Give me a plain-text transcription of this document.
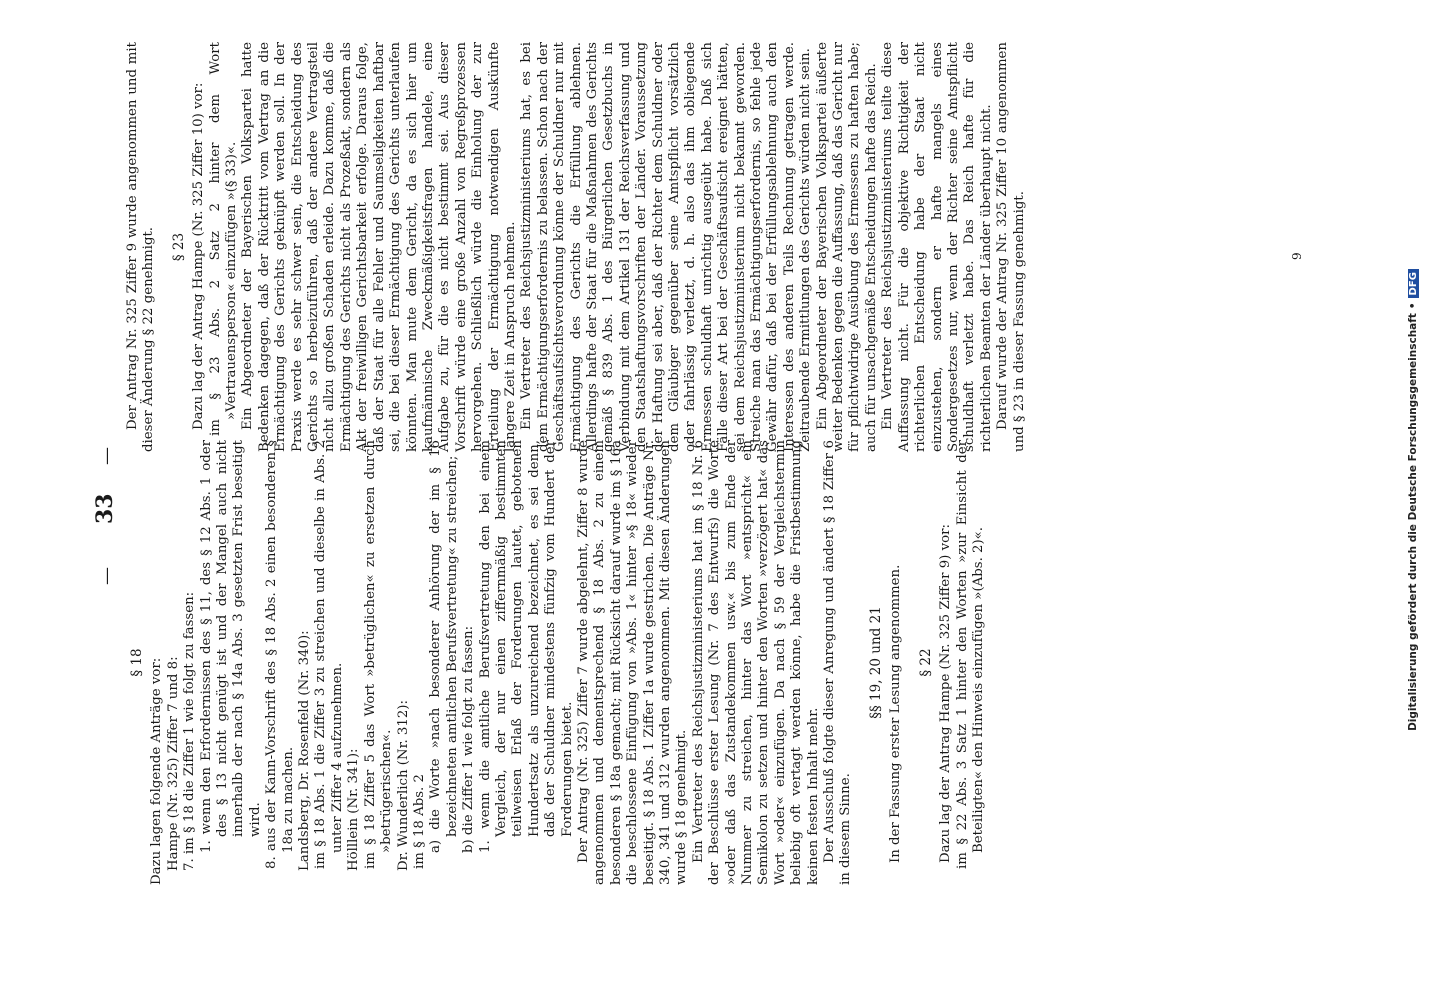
—
33
—

§ 18 Dazu lagen folgende Anträge vor: Hampe (Nr. 325) Ziffer 7 und 8: 7. im § 18 die Ziffer 1 wie folgt zu fassen: 1. wenn den Erfordernissen des § 11, des § 12 Abs. 1 oder des § 13 nicht genügt ist und der Mangel auch nicht innerhalb der nach § 14a Abs. 3 gesetzten Frist beseitigt wird. 8. aus der Kann-Vorschrift des § 18 Abs. 2 einen besonderen § 18a zu machen. Landsberg, Dr. Rosenfeld (Nr. 340): im § 18 Abs. 1 die Ziffer 3 zu streichen und dieselbe in Abs. 2 unter Ziffer 4 aufzunehmen. Hölllein (Nr. 341): im § 18 Ziffer 5 das Wort »betrüglichen« zu ersetzen durch »betrügerischen«. Dr. Wunderlich (Nr. 312): im § 18 Abs. 2 a) die Worte »nach besonderer Anhörung der im § 16 bezeichneten amtlichen Berufsvertretung« zu streichen; b) die Ziffer 1 wie folgt zu fassen: 1. wenn die amtliche Berufsvertretung den bei einem Vergleich, der nur einen ziffernmäßig bestimmten teilweisen Erlaß der Forderungen lautet, gebotenen Hundertsatz als unzureichend bezeichnet, es sei denn, daß der Schuldner mindestens fünfzig vom Hundert der Forderungen bietet. Der Antrag (Nr. 325) Ziffer 7 wurde abgelehnt, Ziffer 8 wurde angenommen und dementsprechend § 18 Abs. 2 zu einem besonderen § 18a gemacht; mit Rücksicht darauf wurde im § 16a die beschlossene Einfügung von »Abs. 1« hinter »§ 18« wieder beseitigt. § 18 Abs. 1 Ziffer 1a wurde gestrichen. Die Anträge Nr. 340, 341 und 312 wurden angenommen. Mit diesen Änderungen wurde § 18 genehmigt. Ein Vertreter des Reichsjustizministeriums hat im § 18 Nr. 6 der Beschlüsse erster Lesung (Nr. 7 des Entwurfs) die Worte »oder daß das Zustandekommen usw.« bis zum Ende der Nummer zu streichen, hinter das Wort »entspricht« ein Semikolon zu setzen und hinter den Worten »verzögert hat« das Wort »oder« einzufügen. Da nach § 59 der Vergleichstermin beliebig oft vertagt werden könne, habe die Fristbestimmung keinen festen Inhalt mehr. Der Ausschuß folgte dieser Anregung und ändert § 18 Ziffer 6 in diesem Sinne.

§§ 19, 20 und 21 In der Fassung erster Lesung angenommen. § 22 Dazu lag der Antrag Hampe (Nr. 325 Ziffer 9) vor: im § 22 Abs. 3 Satz 1 hinter den Worten »zur Einsicht der Beteiligten« den Hinweis einzufügen »(Abs. 2)«.

Der Antrag Nr. 325 Ziffer 9 wurde angenommen und mit dieser Änderung § 22 genehmigt. § 23 Dazu lag der Antrag Hampe (Nr. 325 Ziffer 10) vor: im § 23 Abs. 2 Satz 2 hinter dem Wort »Vertrauensperson« einzufügen »(§ 33)«. Ein Abgeordneter der Bayerischen Volkspartei hatte Bedenken dagegen, daß der Rücktritt vom Vertrag an die Ermächtigung des Gerichts geknüpft werden soll. In der Praxis werde es sehr schwer sein, die Entscheidung des Gerichts so herbeizuführen, daß der andere Vertragsteil nicht allzu großen Schaden erleide. Dazu komme, daß die Ermächtigung des Gerichts nicht als Prozeßakt, sondern als Akt der freiwilligen Gerichtsbarkeit erfolge. Daraus folge, daß der Staat für alle Fehler und Saumseligkeiten haftbar sei, die bei dieser Ermächtigung des Gerichts unterlaufen könnten. Man mute dem Gericht, da es sich hier um kaufmännische Zweckmäßigkeitsfragen handele, eine Aufgabe zu, für die es nicht bestimmt sei. Aus dieser Vorschrift würde eine große Anzahl von Regreßprozessen hervorgehen. Schließlich würde die Einholung der zur Erteilung der Ermächtigung notwendigen Auskünfte längere Zeit in Anspruch nehmen. Ein Vertreter des Reichsjustizministeriums hat, es bei dem Ermächtigungserfordernis zu belassen. Schon nach der Geschäftsaufsichtsverordnung könne der Schuldner nur mit Ermächtigung des Gerichts die Erfüllung ablehnen. Allerdings hafte der Staat für die Maßnahmen des Gerichts gemäß § 839 Abs. 1 des Bürgerlichen Gesetzbuchs in Verbindung mit dem Artikel 131 der Reichsverfassung und den Staatshaftungsvorschriften der Länder. Voraussetzung der Haftung sei aber, daß der Richter dem Schuldner oder dem Gläubiger gegenüber seine Amtspflicht vorsätzlich oder fahrlässig verletzt, d. h. also das ihm obliegende Ermessen schuldhaft unrichtig ausgeübt habe. Daß sich Fälle dieser Art bei der Geschäftsaufsicht ereignet hätten, sei dem Reichsjustizministerium nicht bekannt geworden. Streiche man das Ermächtigungserfordernis, so fehle jede Gewähr dafür, daß bei der Erfüllungsablehnung auch den Interessen des anderen Teils Rechnung getragen werde. Zeitraubende Ermittlungen des Gerichts würden nicht sein. Ein Abgeordneter der Bayerischen Volkspartei äußerte weiter Bedenken gegen die Auffassung, daß das Gericht nur für pflichtwidrige Ausübung des Ermessens zu haften habe; auch für unsachgemäße Entscheidungen hafte das Reich. Ein Vertreter des Reichsjustizministeriums teilte diese Auffassung nicht. Für die objektive Richtigkeit der richterlichen Entscheidung habe der Staat nicht einzustehen, sondern er hafte mangels eines Sondergesetzes nur, wenn der Richter seine Amtspflicht schuldhaft verletzt habe. Das Reich hafte für die richterlichen Beamten der Länder überhaupt nicht. Darauf wurde der Antrag Nr. 325 Ziffer 10 angenommen und § 23 in dieser Fassung genehmigt.	9
Digitalisierung gefördert durch die Deutsche Forschungsgemeinschaft
•
DFG
